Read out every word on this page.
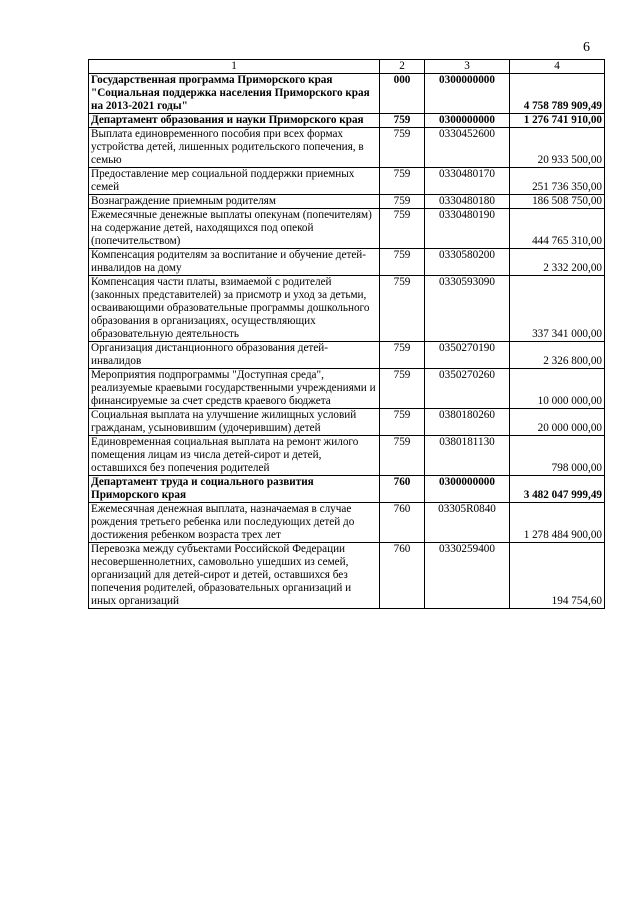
6
1	2	3	4
Государственная программа Приморского края "Социальная поддержка населения Приморского края на 2013-2021 годы"	000	0300000000	4 758 789 909,49
Департамент образования и науки Приморского края	759	0300000000	1 276 741 910,00
Выплата единовременного пособия при всех формах устройства детей, лишенных родительского попечения, в семью	759	0330452600	20 933 500,00
Предоставление мер социальной поддержки приемных семей	759	0330480170	251 736 350,00
Вознаграждение приемным родителям	759	0330480180	186 508 750,00
Ежемесячные денежные выплаты опекунам (попечителям) на содержание детей, находящихся под опекой (попечительством)	759	0330480190	444 765 310,00
Компенсация родителям за воспитание и обучение детей-инвалидов на дому	759	0330580200	2 332 200,00
Компенсация части платы, взимаемой с родителей (законных представителей) за присмотр и уход за детьми, осваивающими образовательные программы дошкольного образования в организациях, осуществляющих образовательную деятельность	759	0330593090	337 341 000,00
Организация дистанционного образования детей-инвалидов	759	0350270190	2 326 800,00
Мероприятия подпрограммы "Доступная среда", реализуемые краевыми государственными учреждениями и финансируемые за счет средств краевого бюджета	759	0350270260	10 000 000,00
Социальная выплата на улучшение жилищных условий гражданам, усыновившим (удочерившим) детей	759	0380180260	20 000 000,00
Единовременная социальная выплата на ремонт жилого помещения лицам из числа детей-сирот и детей, оставшихся без попечения родителей	759	0380181130	798 000,00
Департамент труда и социального развития Приморского края	760	0300000000	3 482 047 999,49
Ежемесячная денежная выплата, назначаемая в случае рождения третьего ребенка или последующих детей до достижения ребенком возраста трех лет	760	03305R0840	1 278 484 900,00
Перевозка между субъектами Российской Федерации несовершеннолетних, самовольно ушедших из семей, организаций для детей-сирот и детей, оставшихся без попечения родителей, образовательных организаций и иных организаций	760	0330259400	194 754,60
